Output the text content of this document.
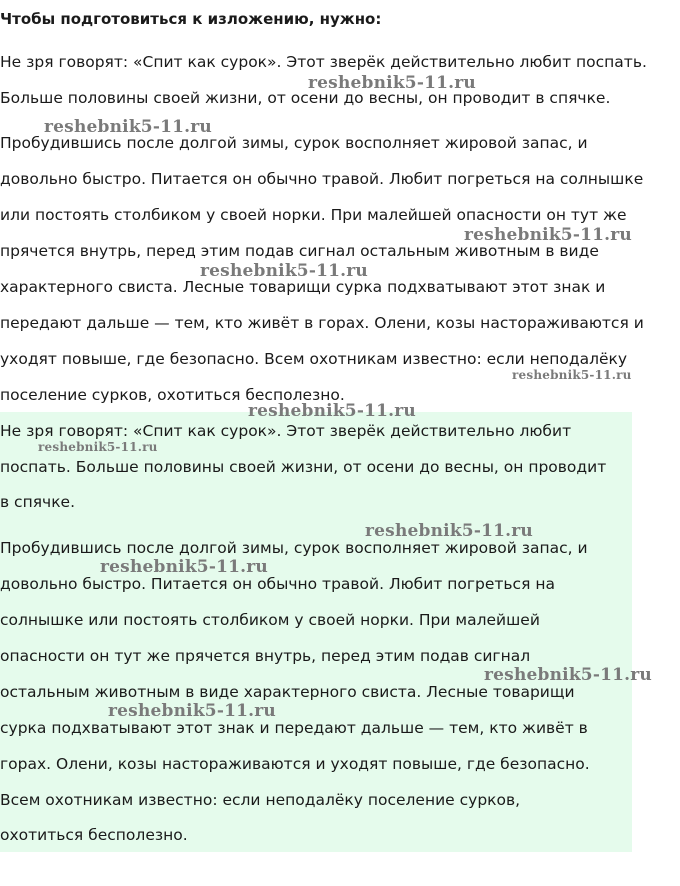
Чтобы подготовиться к изложению, нужно:

Не зря говорят: «Спит как сурок». Этот зверёк действительно любит поспать.

Больше половины своей жизни, от осени до весны, он проводит в спячке.

Пробудившись после долгой зимы, сурок восполняет жировой запас, и

довольно быстро. Питается он обычно травой. Любит погреться на солнышке

или постоять столбиком у своей норки. При малейшей опасности он тут же

прячется внутрь, перед этим подав сигнал остальным животным в виде

характерного свиста. Лесные товарищи сурка подхватывают этот знак и

передают дальше — тем, кто живёт в горах. Олени, козы настораживаются и

уходят повыше, где безопасно. Всем охотникам известно: если неподалёку

поселение сурков, охотиться бесполезно.

Не зря говорят: «Спит как сурок». Этот зверёк действительно любит

поспать. Больше половины своей жизни, от осени до весны, он проводит

в спячке.

Пробудившись после долгой зимы, сурок восполняет жировой запас, и

довольно быстро. Питается он обычно травой. Любит погреться на

солнышке или постоять столбиком у своей норки. При малейшей

опасности он тут же прячется внутрь, перед этим подав сигнал

остальным животным в виде характерного свиста. Лесные товарищи

сурка подхватывают этот знак и передают дальше — тем, кто живёт в

горах. Олени, козы настораживаются и уходят повыше, где безопасно.

Всем охотникам известно: если неподалёку поселение сурков,

охотиться бесполезно.

reshebnik5-11.ru
reshebnik5-11.ru
reshebnik5-11.ru
reshebnik5-11.ru
reshebnik5-11.ru
reshebnik5-11.ru
reshebnik5-11.ru
reshebnik5-11.ru
reshebnik5-11.ru
reshebnik5-11.ru
reshebnik5-11.ru
